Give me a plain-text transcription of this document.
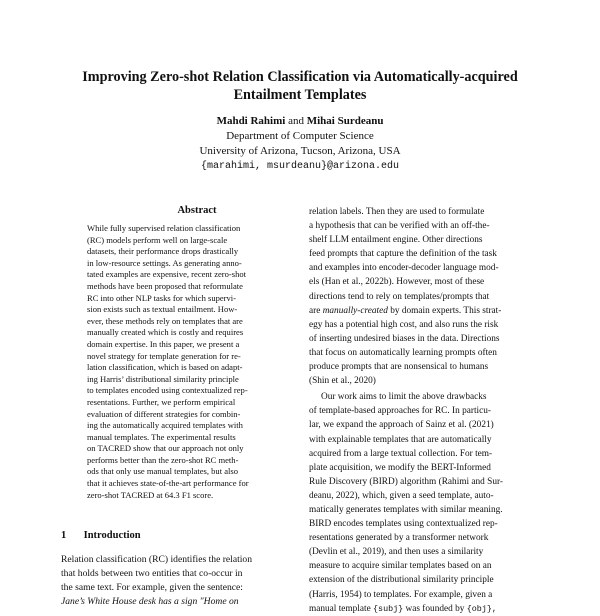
Improving Zero-shot Relation Classification via Automatically-acquired
Entailment Templates
Mahdi Rahimi and Mihai Surdeanu
Department of Computer Science
University of Arizona, Tucson, Arizona, USA
{marahimi, msurdeanu}@arizona.edu
Abstract
While fully supervised relation classification
(RC) models perform well on large-scale
datasets, their performance drops drastically
in low-resource settings. As generating anno-
tated examples are expensive, recent zero-shot
methods have been proposed that reformulate
RC into other NLP tasks for which supervi-
sion exists such as textual entailment. How-
ever, these methods rely on templates that are
manually created which is costly and requires
domain expertise. In this paper, we present a
novel strategy for template generation for re-
lation classification, which is based on adapt-
ing Harris’ distributional similarity principle
to templates encoded using contextualized rep-
resentations. Further, we perform empirical
evaluation of different strategies for combin-
ing the automatically acquired templates with
manual templates. The experimental results
on TACRED show that our approach not only
performs better than the zero-shot RC meth-
ods that only use manual templates, but also
that it achieves state-of-the-art performance for
zero-shot TACRED at 64.3 F1 score.
1 Introduction
Relation classification (RC) identifies the relation
that holds between two entities that co-occur in
the same text. For example, given the sentence:
Jane’s White House desk has a sign "Home on
relation labels. Then they are used to formulate
a hypothesis that can be verified with an off-the-
shelf LLM entailment engine. Other directions
feed prompts that capture the definition of the task
and examples into encoder-decoder language mod-
els (Han et al., 2022b). However, most of these
directions tend to rely on templates/prompts that
are manually-created by domain experts. This strat-
egy has a potential high cost, and also runs the risk
of inserting undesired biases in the data. Directions
that focus on automatically learning prompts often
produce prompts that are nonsensical to humans
(Shin et al., 2020)
Our work aims to limit the above drawbacks
of template-based approaches for RC. In particu-
lar, we expand the approach of Sainz et al. (2021)
with explainable templates that are automatically
acquired from a large textual collection. For tem-
plate acquisition, we modify the BERT-Informed
Rule Discovery (BIRD) algorithm (Rahimi and Sur-
deanu, 2022), which, given a seed template, auto-
matically generates templates with similar meaning.
BIRD encodes templates using contextualized rep-
resentations generated by a transformer network
(Devlin et al., 2019), and then uses a similarity
measure to acquire similar templates based on an
extension of the distributional similarity principle
(Harris, 1954) to templates. For example, given a
manual template {subj} was founded by {obj},
